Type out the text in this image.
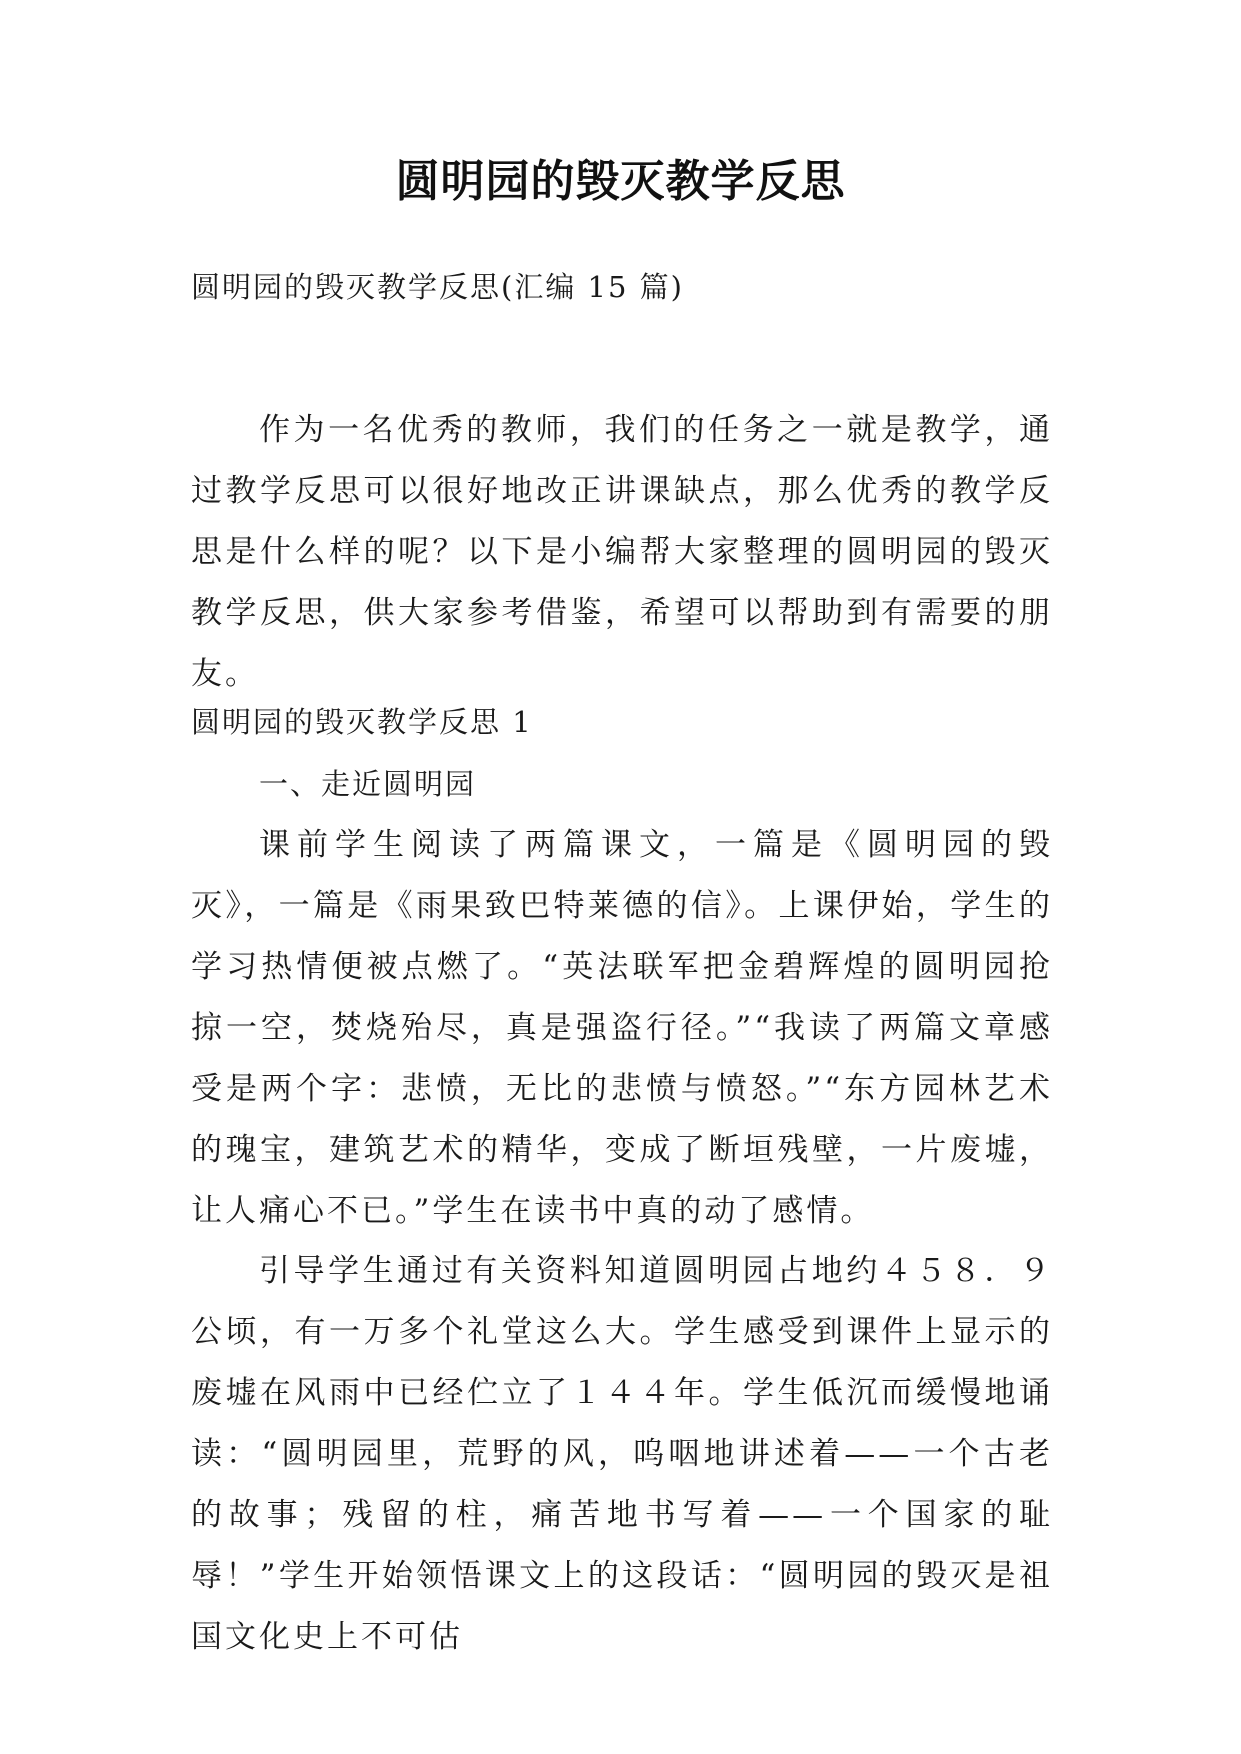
圆明园的毁灭教学反思
圆明园的毁灭教学反思(汇编 15 篇)
作为一名优秀的教师，我们的任务之一就是教学，通过教学反思可以很好地改正讲课缺点，那么优秀的教学反思是什么样的呢？以下是小编帮大家整理的圆明园的毁灭教学反思，供大家参考借鉴，希望可以帮助到有需要的朋友。
圆明园的毁灭教学反思 1
一、走近圆明园
课前学生阅读了两篇课文，一篇是《圆明园的毁灭》，一篇是《雨果致巴特莱德的信》。上课伊始，学生的学习热情便被点燃了。“英法联军把金碧辉煌的圆明园抢掠一空，焚烧殆尽，真是强盗行径。”“我读了两篇文章感受是两个字：悲愤，无比的悲愤与愤怒。”“东方园林艺术的瑰宝，建筑艺术的精华，变成了断垣残壁，一片废墟，让人痛心不已。”学生在读书中真的动了感情。
引导学生通过有关资料知道圆明园占地约４５８．９公顷，有一万多个礼堂这么大。学生感受到课件上显示的废墟在风雨中已经伫立了１４４年。学生低沉而缓慢地诵读：“圆明园里，荒野的风，呜咽地讲述着——一个古老的故事；残留的柱，痛苦地书写着——一个国家的耻辱！”学生开始领悟课文上的这段话：“圆明园的毁灭是祖国文化史上不可估
